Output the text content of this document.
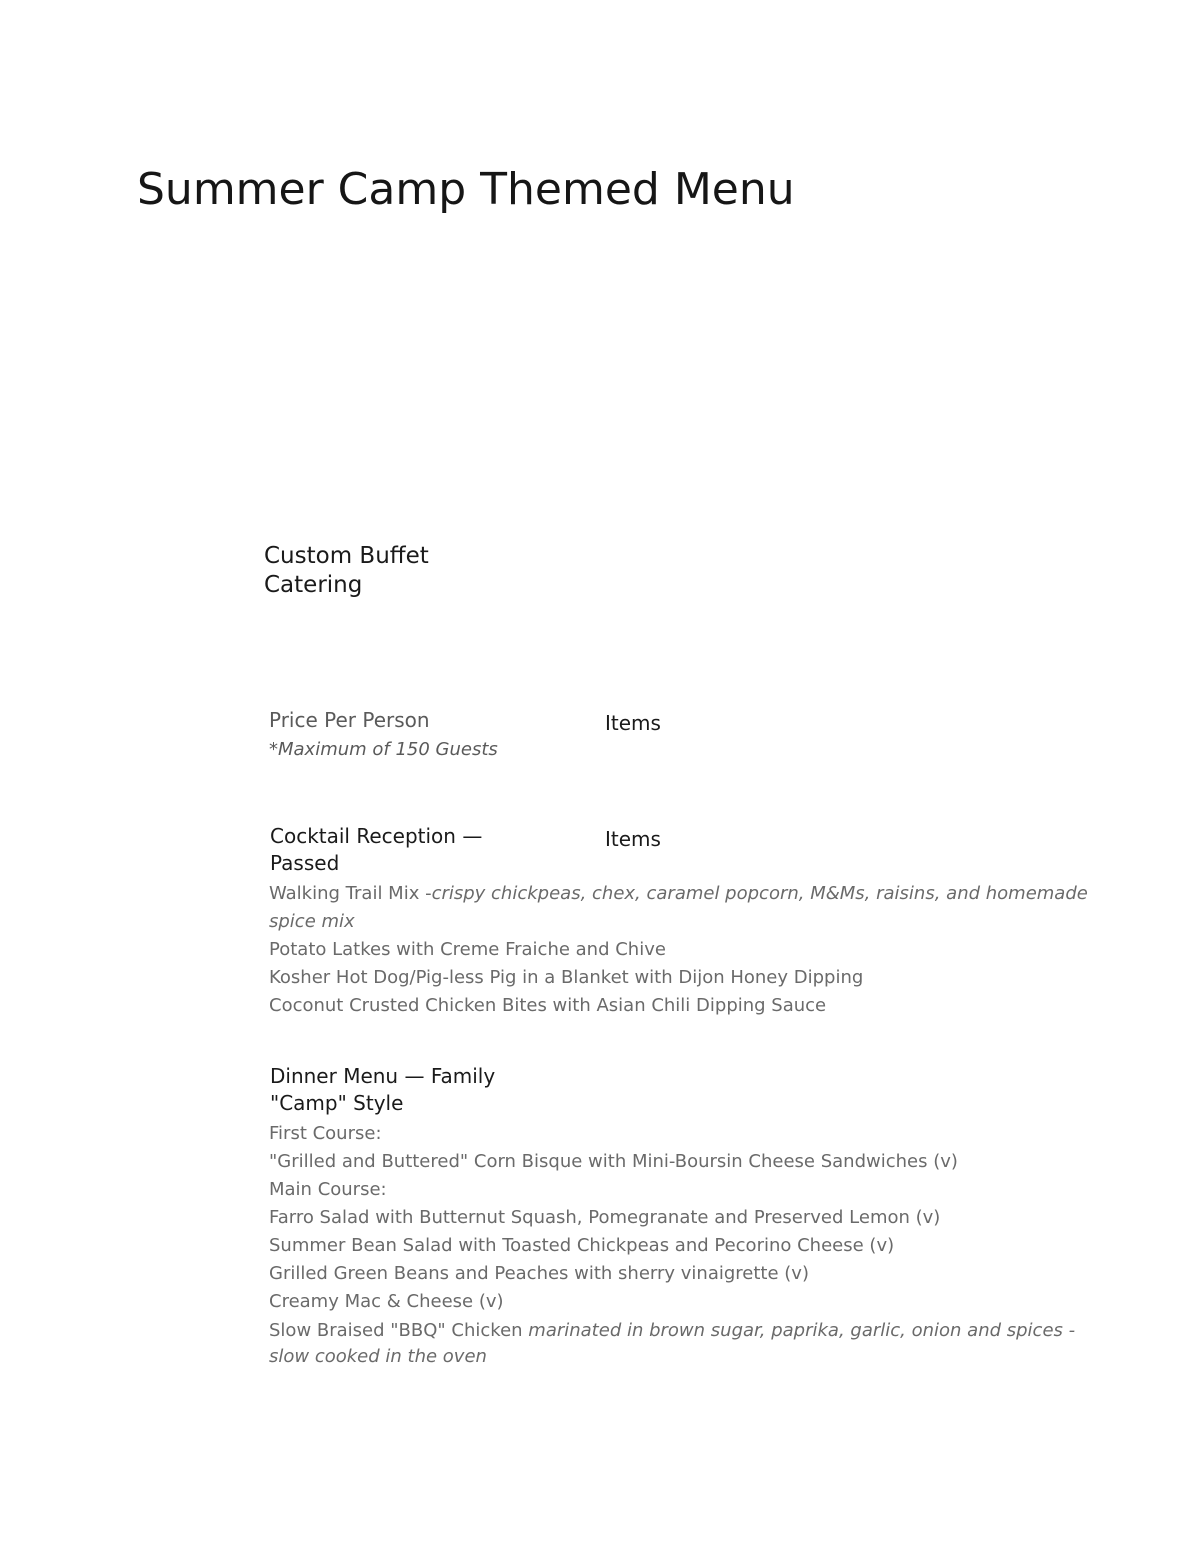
Summer Camp Themed Menu
Custom Buffet Catering
Price Per Person	Items
*Maximum of 150 Guests
Cocktail Reception — Passed
Items
Walking Trail Mix -crispy chickpeas, chex, caramel popcorn, M&Ms, raisins, and homemade spice mix
Potato Latkes with Creme Fraiche and Chive
Kosher Hot Dog/Pig-less Pig in a Blanket with Dijon Honey Dipping
Coconut Crusted Chicken Bites with Asian Chili Dipping Sauce
Dinner Menu — Family "Camp" Style
First Course:
"Grilled and Buttered" Corn Bisque with Mini-Boursin Cheese Sandwiches (v)
Main Course:
Farro Salad with Butternut Squash, Pomegranate and Preserved Lemon (v)
Summer Bean Salad with Toasted Chickpeas and Pecorino Cheese (v)
Grilled Green Beans and Peaches with sherry vinaigrette (v)
Creamy Mac & Cheese (v)
Slow Braised "BBQ" Chicken marinated in brown sugar, paprika, garlic, onion and spices - slow cooked in the oven
